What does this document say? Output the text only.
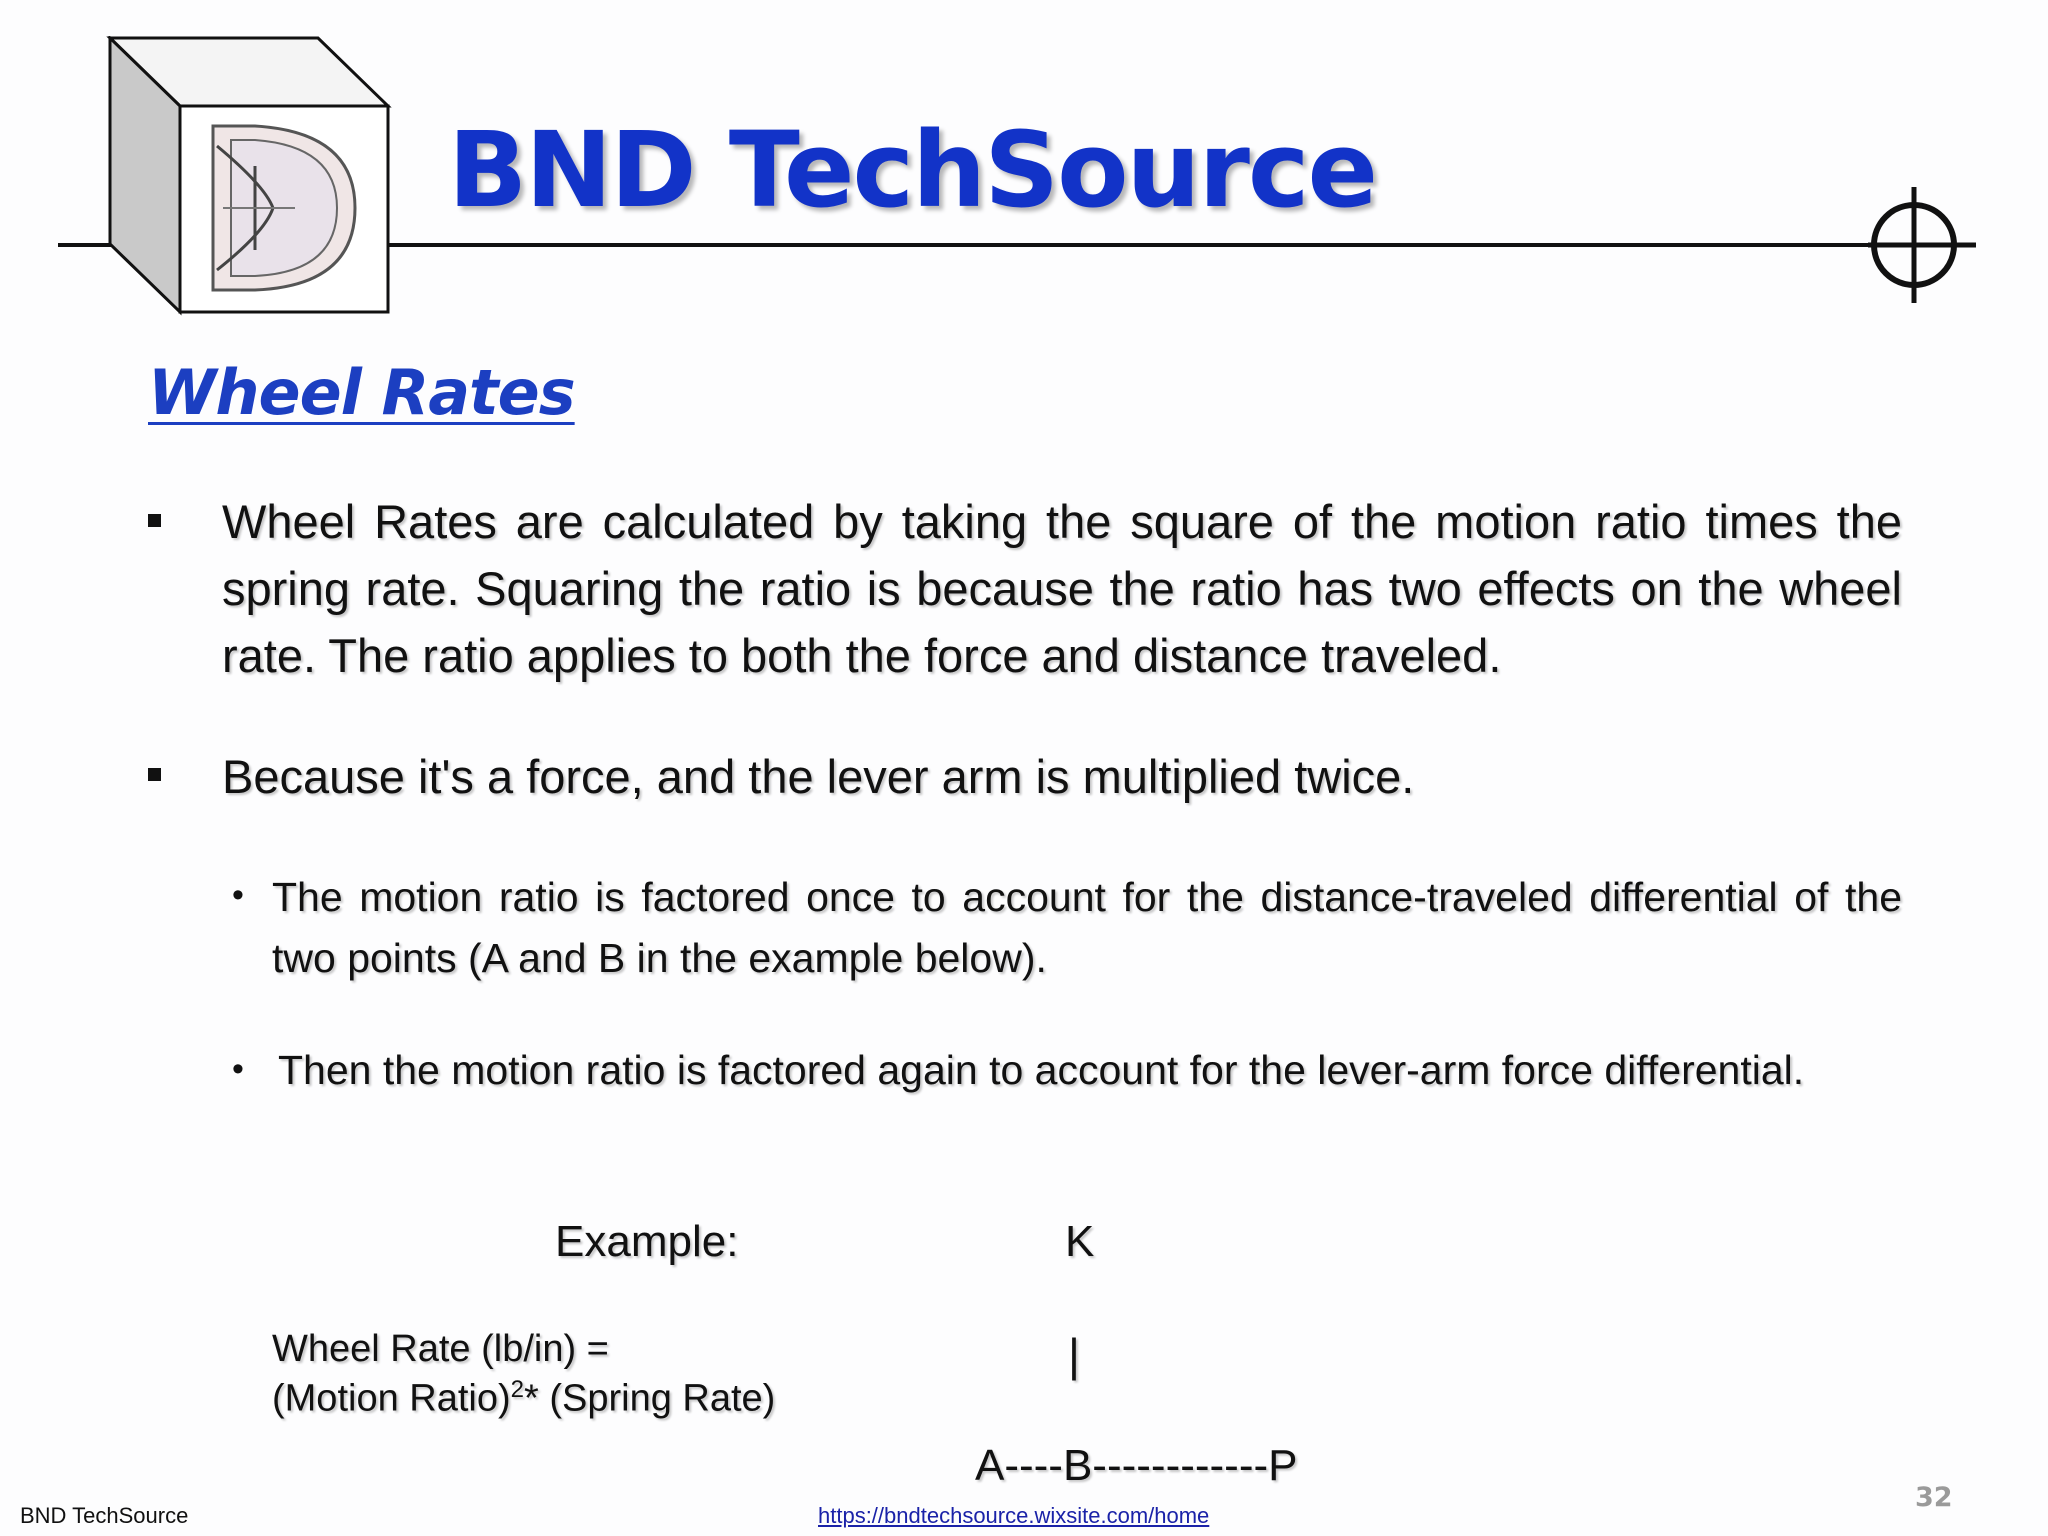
BND TechSource
Wheel Rates
Wheel Rates are calculated by taking the square of the motion ratio times the spring rate. Squaring the ratio is because the ratio has two effects on the wheel rate. The ratio applies to both the force and distance traveled.
Because it's a force, and the lever arm is multiplied twice.
• The motion ratio is factored once to account for the distance-traveled differential of the two points (A and B in the example below).
• Then the motion ratio is factored again to account for the lever-arm force differential.
Example:	K
|
Wheel Rate (lb/in) =
(Motion Ratio)$^2$* (Spring Rate)
A----B------------P
BND TechSource	https://bndtechsource.wixsite.com/home
32
